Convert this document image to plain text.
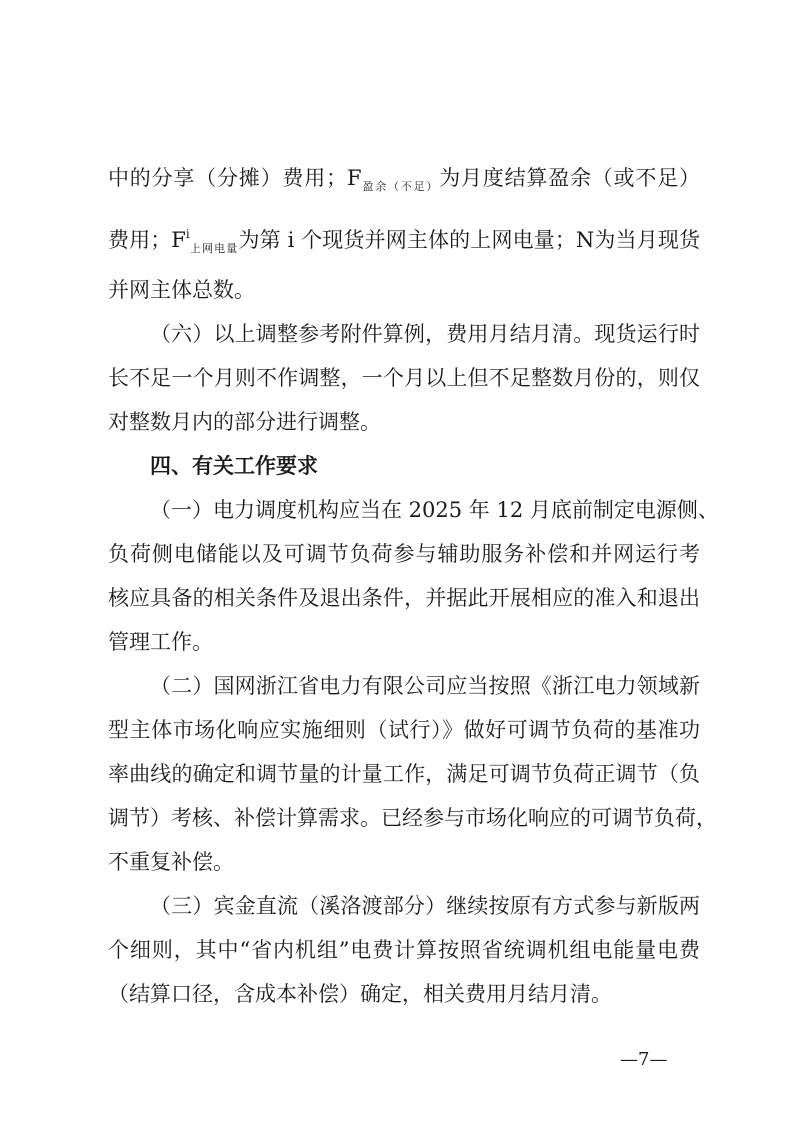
中的分享（分摊）费用；$F_{盈余(不足)}$为月度结算盈余（或不足）
费用；$F^i_{上网电量}$为第 i 个现货并网主体的上网电量；N为当月现货
并网主体总数。
（六）以上调整参考附件算例，费用月结月清。现货运行时
长不足一个月则不作调整，一个月以上但不足整数月份的，则仅
对整数月内的部分进行调整。
四、有关工作要求
（一）电力调度机构应当在 2025 年 12 月底前制定电源侧、
负荷侧电储能以及可调节负荷参与辅助服务补偿和并网运行考
核应具备的相关条件及退出条件，并据此开展相应的准入和退出
管理工作。
（二）国网浙江省电力有限公司应当按照《浙江电力领域新
型主体市场化响应实施细则（试行）》做好可调节负荷的基准功
率曲线的确定和调节量的计量工作，满足可调节负荷正调节（负
调节）考核、补偿计算需求。已经参与市场化响应的可调节负荷，
不重复补偿。
（三）宾金直流（溪洛渡部分）继续按原有方式参与新版两
个细则，其中“省内机组”电费计算按照省统调机组电能量电费
（结算口径，含成本补偿）确定，相关费用月结月清。
—7—
